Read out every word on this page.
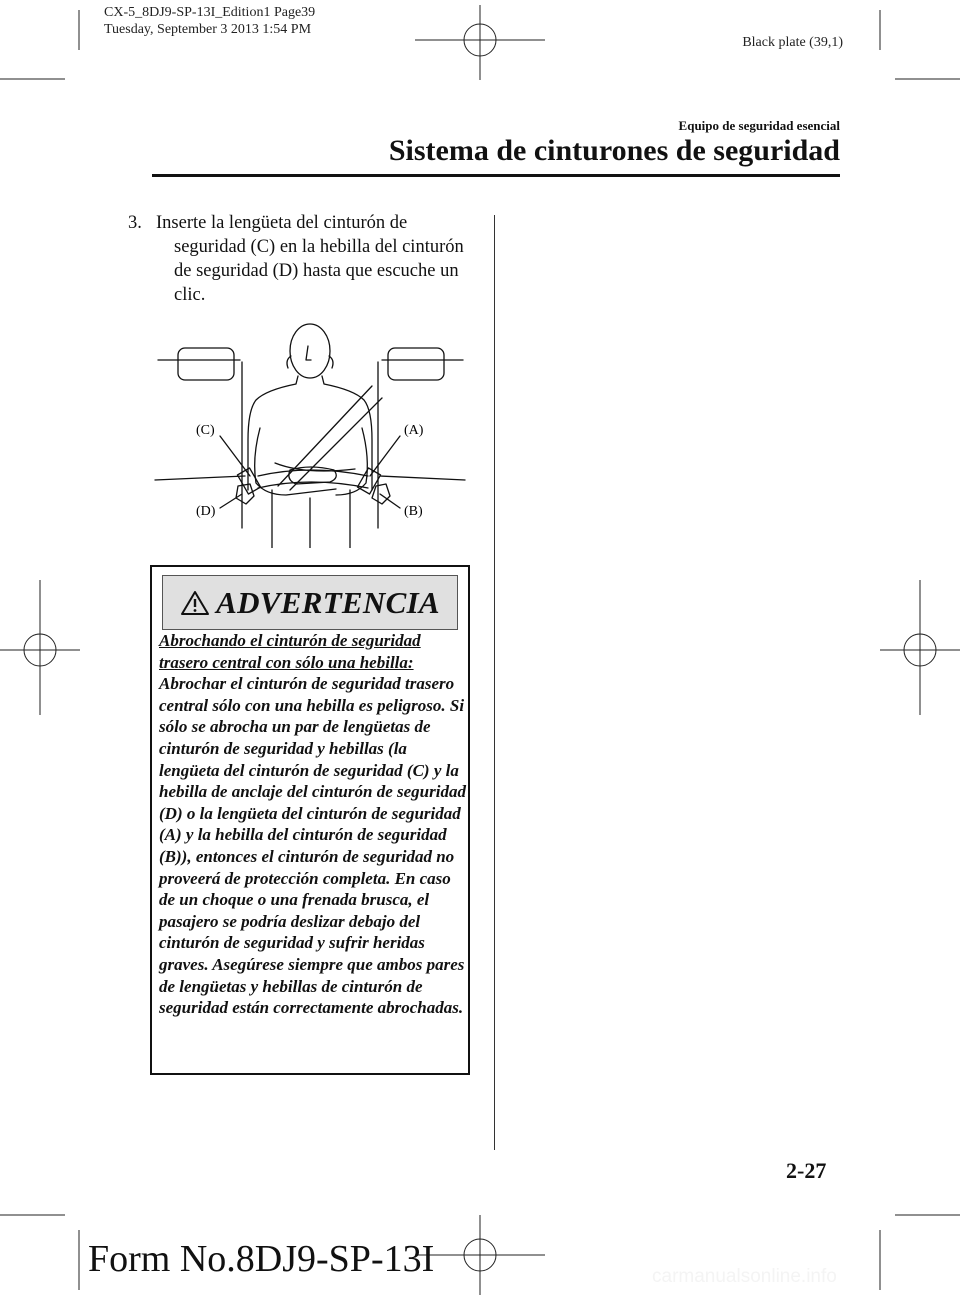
CX-5_8DJ9-SP-13I_Edition1 Page39
Tuesday, September 3 2013 1:54 PM
Black plate (39,1)
Equipo de seguridad esencial
Sistema de cinturones de seguridad
3. Inserte la lengüeta del cinturón de seguridad (C) en la hebilla del cinturón de seguridad (D) hasta que escuche un clic.
(C)	(A)
(D)	(B)
ADVERTENCIA
Abrochando el cinturón de seguridad trasero central con sólo una hebilla:
Abrochar el cinturón de seguridad trasero central sólo con una hebilla es peligroso. Si sólo se abrocha un par de lengüetas de cinturón de seguridad y hebillas (la lengüeta del cinturón de seguridad (C) y la hebilla de anclaje del cinturón de seguridad (D) o la lengüeta del cinturón de seguridad (A) y la hebilla del cinturón de seguridad (B)), entonces el cinturón de seguridad no proveerá de protección completa. En caso de un choque o una frenada brusca, el pasajero se podría deslizar debajo del cinturón de seguridad y sufrir heridas graves. Asegúrese siempre que ambos pares de lengüetas y hebillas de cinturón de seguridad están correctamente abrochadas.
2-27
Form No.8DJ9-SP-13I	carmanualsonline.info
